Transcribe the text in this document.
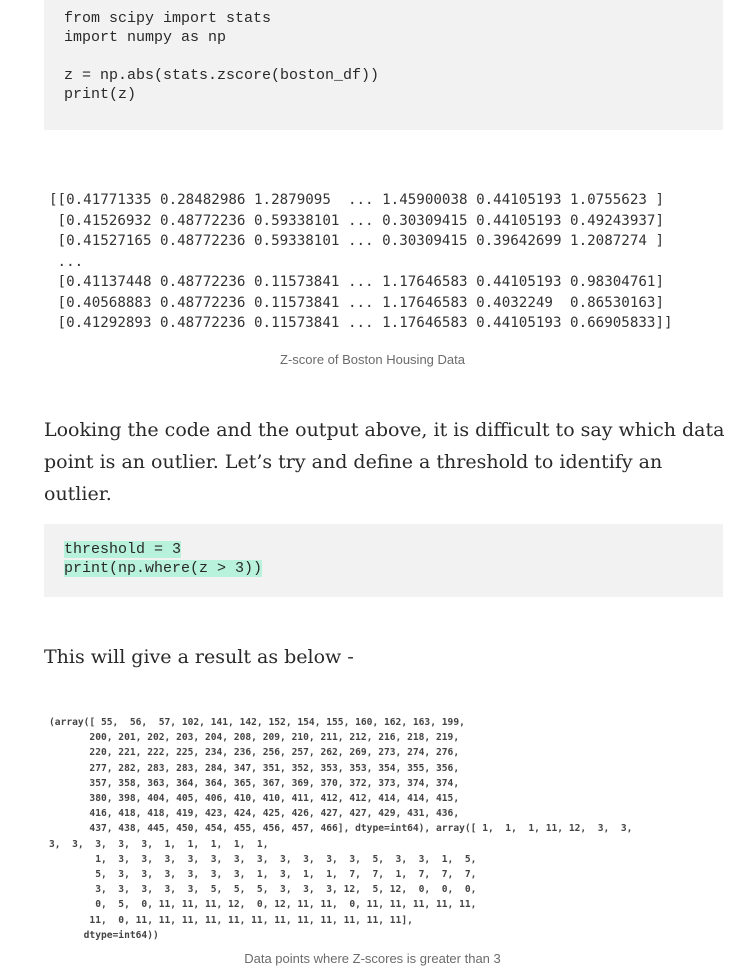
from scipy import stats
import numpy as np

z = np.abs(stats.zscore(boston_df))
print(z)
[[0.41771335 0.28482986 1.2879095  ... 1.45900038 0.44105193 1.0755623 ]
[0.41526932 0.48772236 0.59338101 ... 0.30309415 0.44105193 0.49243937]
[0.41527165 0.48772236 0.59338101 ... 0.30309415 0.39642699 1.2087274 ]
...
[0.41137448 0.48772236 0.11573841 ... 1.17646583 0.44105193 0.98304761]
[0.40568883 0.48772236 0.11573841 ... 1.17646583 0.4032249  0.86530163]
[0.41292893 0.48772236 0.11573841 ... 1.17646583 0.44105193 0.66905833]]
Z-score of Boston Housing Data

Looking the code and the output above, it is difficult to say which data point is an outlier. Let’s try and define a threshold to identify an outlier.

threshold = 3
print(np.where(z > 3))

This will give a result as below -

(array([ 55,  56,  57, 102, 141, 142, 152, 154, 155, 160, 162, 163, 199,
200, 201, 202, 203, 204, 208, 209, 210, 211, 212, 216, 218, 219,
220, 221, 222, 225, 234, 236, 256, 257, 262, 269, 273, 274, 276,
277, 282, 283, 283, 284, 347, 351, 352, 353, 353, 354, 355, 356,
357, 358, 363, 364, 364, 365, 367, 369, 370, 372, 373, 374, 374,
380, 398, 404, 405, 406, 410, 410, 411, 412, 412, 414, 414, 415,
416, 418, 418, 419, 423, 424, 425, 426, 427, 427, 429, 431, 436,
437, 438, 445, 450, 454, 455, 456, 457, 466], dtype=int64), array([ 1,  1,  1, 11, 12,  3,  3,
3,  3,  3,  3,  3,  1,  1,  1,  1,  1,
1,  3,  3,  3,  3,  3,  3,  3,  3,  3,  3,  3,  5,  3,  3,  1,  5,
5,  3,  3,  3,  3,  3,  3,  1,  3,  1,  1,  7,  7,  1,  7,  7,  7,
3,  3,  3,  3,  3,  5,  5,  5,  3,  3,  3, 12,  5, 12,  0,  0,  0,
0,  5,  0, 11, 11, 11, 12,  0, 12, 11, 11,  0, 11, 11, 11, 11, 11,
11,  0, 11, 11, 11, 11, 11, 11, 11, 11, 11, 11, 11, 11],
dtype=int64))
Data points where Z-scores is greater than 3
